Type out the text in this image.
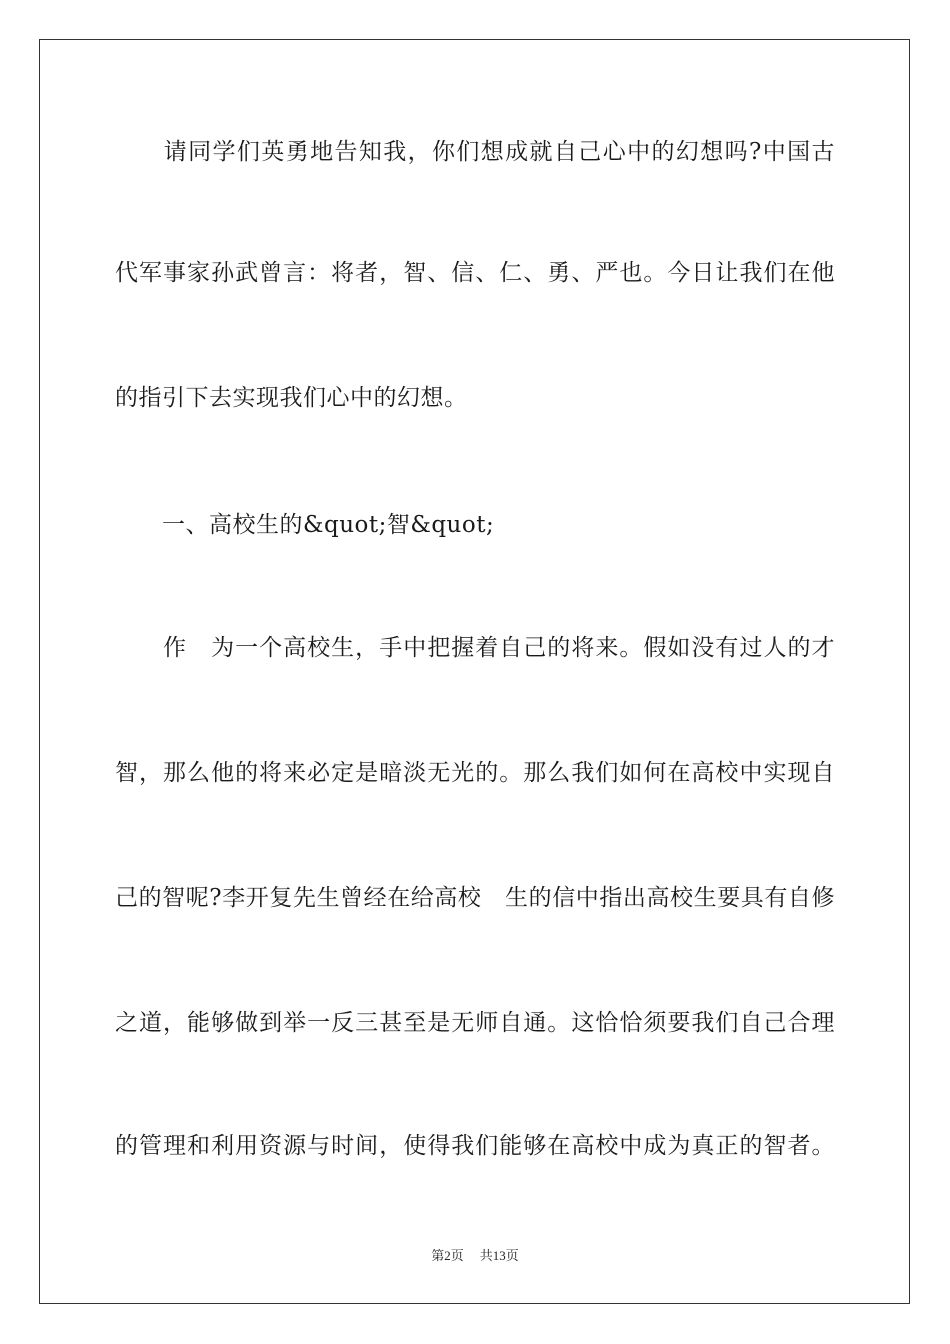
　　请同学们英勇地告知我，你们想成就自己心中的幻想吗?中国古
代军事家孙武曾言：将者，智、信、仁、勇、严也。今日让我们在他
的指引下去实现我们心中的幻想。
　　一、高校生的&quot;智&quot;
　　作　为一个高校生，手中把握着自己的将来。假如没有过人的才
智，那么他的将来必定是暗淡无光的。那么我们如何在高校中实现自
己的智呢?李开复先生曾经在给高校　生的信中指出高校生要具有自修
之道，能够做到举一反三甚至是无师自通。这恰恰须要我们自己合理
的管理和利用资源与时间，使得我们能够在高校中成为真正的智者。
第2页 共13页
